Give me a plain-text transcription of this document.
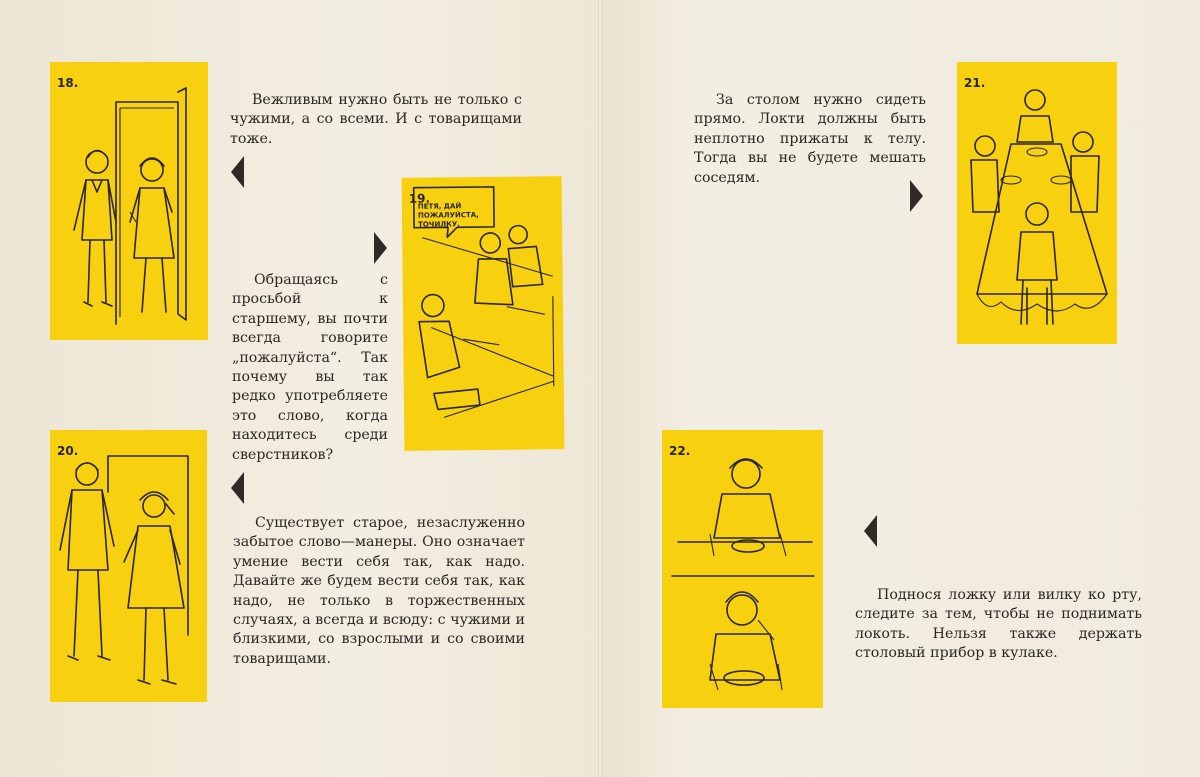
18.

Вежливым нужно быть не только с чужими, а со всеми. И с товарищами тоже.

19.
ПЕТЯ, ДАЙ ПОЖАЛУЙСТА, ТОЧИЛКУ.

Обращаясь с просьбой к старшему, вы почти всегда говорите „пожалуйста“. Так почему вы так редко употребляете это слово, когда находитесь среди сверстников?

20.

Существует старое, незаслуженно забытое слово—манеры. Оно означает умение вести себя так, как надо. Давайте же будем вести себя так, как надо, не только в торжественных случаях, а всегда и всюду: с чужими и близкими, со взрослыми и со своими товарищами.

21.

За столом нужно сидеть прямо. Локти должны быть неплотно прижаты к телу. Тогда вы не будете мешать соседям.

22.

Поднося ложку или вилку ко рту, следите за тем, чтобы не поднимать локоть. Нельзя также держать столовый прибор в кулаке.
